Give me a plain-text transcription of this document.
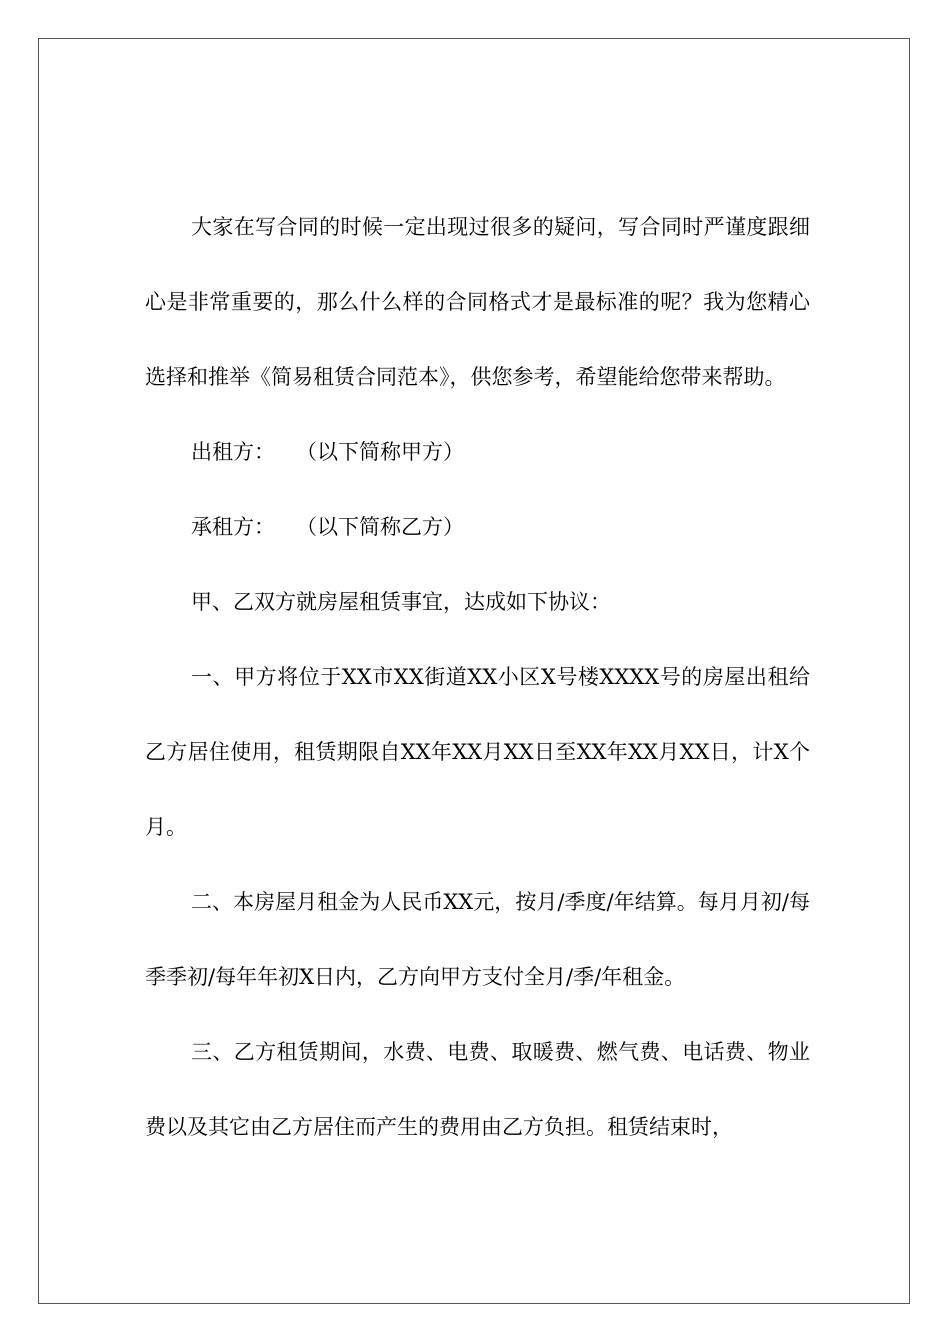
大家在写合同的时候一定出现过很多的疑问，写合同时严谨度跟细心是非常重要的，那么什么样的合同格式才是最标准的呢？我为您精心选择和推举《简易租赁合同范本》，供您参考，希望能给您带来帮助。

出租方：　　（以下简称甲方）

承租方：　　（以下简称乙方）

甲、乙双方就房屋租赁事宜，达成如下协议：

一、甲方将位于XX市XX街道XX小区X号楼XXXX号的房屋出租给乙方居住使用，租赁期限自XX年XX月XX日至XX年XX月XX日，计X个月。

二、本房屋月租金为人民币XX元，按月/季度/年结算。每月月初/每季季初/每年年初X日内，乙方向甲方支付全月/季/年租金。

三、乙方租赁期间，水费、电费、取暖费、燃气费、电话费、物业费以及其它由乙方居住而产生的费用由乙方负担。租赁结束时，
